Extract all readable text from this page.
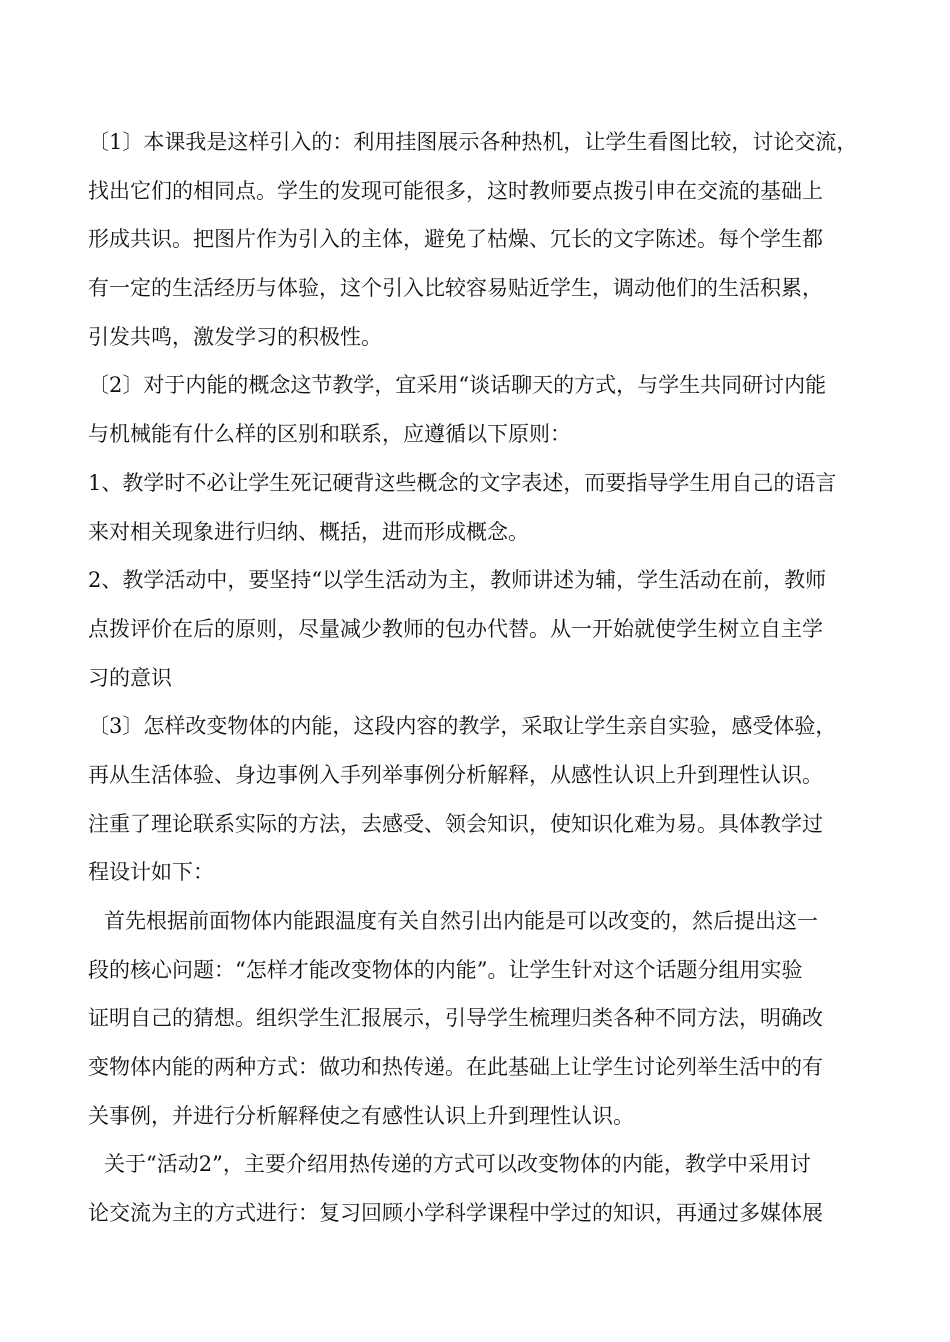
〔1〕本课我是这样引入的：利用挂图展示各种热机，让学生看图比较，讨论交流，
找出它们的相同点。学生的发现可能很多，这时教师要点拨引申在交流的基础上
形成共识。把图片作为引入的主体，避免了枯燥、冗长的文字陈述。每个学生都
有一定的生活经历与体验，这个引入比较容易贴近学生，调动他们的生活积累，
引发共鸣，激发学习的积极性。
〔2〕对于内能的概念这节教学，宜采用“谈话聊天的方式，与学生共同研讨内能
与机械能有什么样的区别和联系，应遵循以下原则：
1、教学时不必让学生死记硬背这些概念的文字表述，而要指导学生用自己的语言
来对相关现象进行归纳、概括，进而形成概念。
2、教学活动中，要坚持“以学生活动为主，教师讲述为辅，学生活动在前，教师
点拨评价在后的原则，尽量减少教师的包办代替。从一开始就使学生树立自主学
习的意识
〔3〕怎样改变物体的内能，这段内容的教学，采取让学生亲自实验，感受体验，
再从生活体验、身边事例入手列举事例分析解释，从感性认识上升到理性认识。
注重了理论联系实际的方法，去感受、领会知识，使知识化难为易。具体教学过
程设计如下：
首先根据前面物体内能跟温度有关自然引出内能是可以改变的，然后提出这一
段的核心问题：“怎样才能改变物体的内能”。让学生针对这个话题分组用实验
证明自己的猜想。组织学生汇报展示，引导学生梳理归类各种不同方法，明确改
变物体内能的两种方式：做功和热传递。在此基础上让学生讨论列举生活中的有
关事例，并进行分析解释使之有感性认识上升到理性认识。
关于“活动2”，主要介绍用热传递的方式可以改变物体的内能，教学中采用讨
论交流为主的方式进行：复习回顾小学科学课程中学过的知识，再通过多媒体展
